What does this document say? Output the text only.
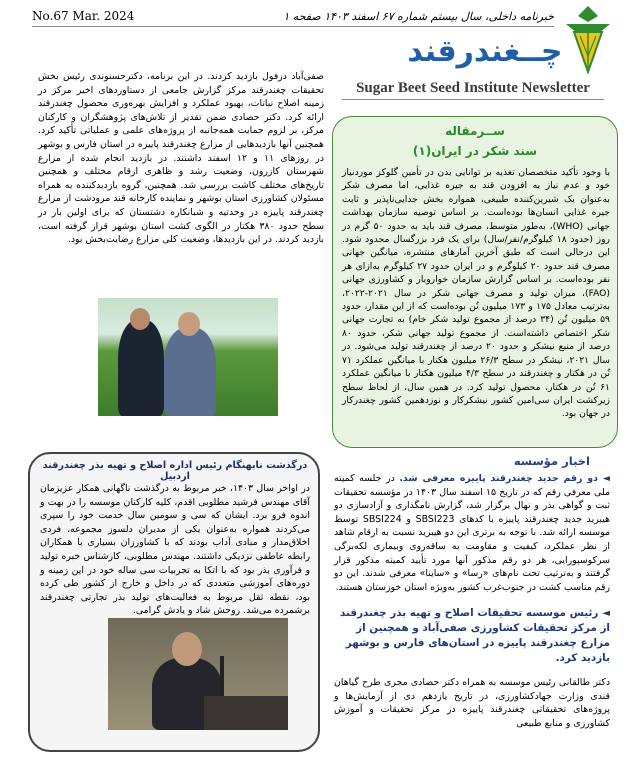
No.67 Mar. 2024	خبرنامه داخلی، سال بیستم شماره ۶۷ اسفند ۱۴۰۳ صفحه ۱
چــغندرقند
Sugar Beet Seed Institute Newsletter
صفی‌آباد دزفول بازدید کردند. در این برنامه، دکترحسنوندی رئیس بخش تحقیقات چغندرقند مرکز گزارش جامعی از دستاوردهای اخیر مرکز در زمینه اصلاح نباتات، بهبود عملکرد و افزایش بهره‌وری محصول چغندرقند ارائه کرد. دکتر حصادی ضمن تقدیر از تلاش‌های پژوهشگران و کارکنان مرکز، بر لزوم حمایت همه‌جانبه از پروژه‌های علمی و عملیاتی تأکید کرد. همچنین آنها بازدیدهایی از مزارع چغندرقند پاییزه در استان فارس و بوشهر در روزهای ۱۱ و ۱۲ اسفند داشتند. در بازدید انجام شده از مزارع شهرستان کازرون، وضعیت رشد و ظاهری ارقام مختلف و همچنین تاریخ‌های مختلف کاشت بررسی شد. همچنین، گروه بازدیدکننده به همراه مسئولان کشاورزی استان بوشهر و نماینده کارخانه قند مرودشت از مزارع چغندرقند پاییزه در وحدتیه و شبانکاره دشتستان که برای اولین بار در سطح حدود ۳۸۰ هکتار در الگوی کشت استان بوشهر قرار گرفته است، بازدید کردند. در این بازدیدها، وضعیت کلی مزارع رضایت‌بخش بود.
درگذشت نابهنگام رئیس اداره اصلاح و تهیه بذر چغندرقند اردبیل
در اواخر سال ۱۴۰۳، خبر مربوط به درگذشت ناگهانی همکار عزیزمان آقای مهندس فرشید مطلوبی اقدم، کلیه کارکنان موسسه را در بهت و اندوه فرو برد. ایشان که سی و سومین سال خدمت خود را سپری می‌کردند همواره به‌عنوان یکی از مدیران دلسوز مجموعه، فردی اخلاق‌مدار و مبادی آداب بودند که با کشاورزان بسیاری با همکاران رابطه عاطفی نزدیکی داشتند. مهندس مطلوبی، کارشناس خبره تولید و فرآوری بذر بود که با اتکا به تجربیات سی ساله خود در این زمینه و دوره‌های آموزشی متعددی که در داخل و خارج از کشور طی کرده بود، نقطه ثقل مربوط به فعالیت‌های تولید بذر تجارتی چغندرقند برشمرده می‌شد. روحش شاد و یادش گرامی.
ســرمقاله
سند شکر در ایران(۱)
با وجود تأکید متخصصان تغذیه بر توانایی بدن در تأمین گلوکز موردنیاز خود و عدم نیاز به افزودن قند به جیره غذایی، اما مصرف شکر به‌عنوان یک شیرین‌کننده طبیعی، همواره بخش جدایی‌ناپذیر و ثابت جیره غذایی انسان‌ها بوده‌است. بر اساس توصیه سازمان بهداشت جهانی (WHO)، به‌طور متوسط، مصرف قند باید به حدود ۵۰ گرم در روز (حدود ۱۸ کیلوگرم/نفر/سال) برای یک فرد بزرگسال محدود شود. این درحالی است که طبق آخرین آمارهای منتشره، میانگین جهانی مصرف قند حدود ۲۰ کیلوگرم و در ایران حدود ۲۷ کیلوگرم به‌ازای هر نفر بوده‌است. بر اساس گزارش سازمان خواروبار و کشاورزی جهانی (FAO)، میزان تولید و مصرف جهانی شکر در سال ۲۰۲۱-۲۰۲۲، به‌ترتیب معادل ۱۷۵ و ۱۷۳ میلیون تُن بوده‌است که از این مقدار، حدود ۵۹ میلیون تُن (۳۴ درصد از مجموع تولید شکر خام) به تجارت جهانی شکر اختصاص داشته‌است. از مجموع تولید جهانی شکر، حدود ۸۰ درصد از منبع نیشکر و حدود ۲۰ درصد از چغندرقند تولید می‌شود. در سال ۲۰۲۱، نیشکر در سطح ۲۶/۳ میلیون هکتار با میانگین عملکرد ۷۱ تُن در هکتار و چغندرقند در سطح ۴/۳ میلیون هکتار با میانگین عملکرد ۶۱ تُن در هکتار، محصول تولید کرد. در همین سال، از لحاظ سطح زیرکشت ایران سی‌امین کشور نیشکرکار و نوزدهمین کشور چغندرکار در جهان بود.
اخبار مؤسسه
◄ دو رقم جدید چغندرقند پاییزه معرفی شد. در جلسه کمیته ملی معرفی رقم که در تاریخ ۱۵ اسفند سال ۱۴۰۳ در مؤسسه تحقیقات ثبت و گواهی بذر و نهال برگزار شد، گزارش نامگذاری و آزادسازی دو هیبرید جدید چغندرقند پاییزه با کدهای SBSI223 و SBSI224 توسط موسسه ارائه شد. با توجه به برتری این دو هیبرید نسبت به ارقام شاهد از نظر عملکرد، کیفیت و مقاومت به ساقه‌روی وبیماری لکه‌برگی سرکوسپورایی، هر دو رقم مذکور آنها مورد تأیید کمیته مذکور قرار گرفتند و به‌ترتیب تحت نام‌های «رسا» و «ساینا» معرفی شدند. این دو رقم مناسب کشت در جنوب‌غرب کشور به‌ویژه استان خوزستان هستند.
◄ رئیس موسسه تحقیقات اصلاح و تهیه بذر چغندرقند از مرکز تحقیقات کشاورزی صفی‌آباد و همچنین از مزارع چغندرقند پاییزه در استان‌های فارس و بوشهر بازدید کرد.
دکتر طالقانی رئیس موسسه به همراه دکتر حصادی مجری طرح گیاهان قندی وزارت جهادکشاورزی، در تاریخ یازدهم دی از آزمایش‌ها و پروژه‌های تحقیقاتی چغندرقند پاییزه در مرکز تحقیقات و آموزش کشاورزی و منابع طبیعی
